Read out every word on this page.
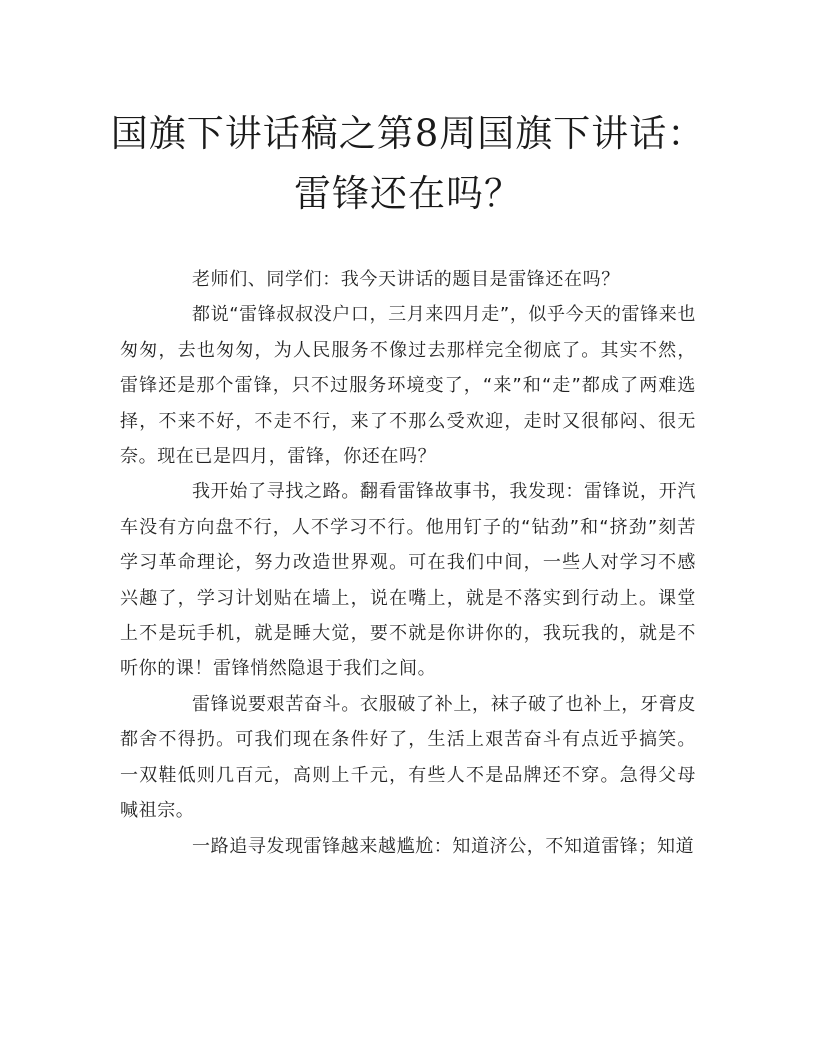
国旗下讲话稿之第8周国旗下讲话：雷锋还在吗？

老师们、同学们：我今天讲话的题目是雷锋还在吗？

都说“雷锋叔叔没户口，三月来四月走”，似乎今天的雷锋来也匆匆，去也匆匆，为人民服务不像过去那样完全彻底了。其实不然，雷锋还是那个雷锋，只不过服务环境变了，“来”和“走”都成了两难选择，不来不好，不走不行，来了不那么受欢迎，走时又很郁闷、很无奈。现在已是四月，雷锋，你还在吗？

我开始了寻找之路。翻看雷锋故事书，我发现：雷锋说，开汽车没有方向盘不行，人不学习不行。他用钉子的“钻劲”和“挤劲”刻苦学习革命理论，努力改造世界观。可在我们中间，一些人对学习不感兴趣了，学习计划贴在墙上，说在嘴上，就是不落实到行动上。课堂上不是玩手机，就是睡大觉，要不就是你讲你的，我玩我的，就是不听你的课！雷锋悄然隐退于我们之间。

雷锋说要艰苦奋斗。衣服破了补上，袜子破了也补上，牙膏皮都舍不得扔。可我们现在条件好了，生活上艰苦奋斗有点近乎搞笑。一双鞋低则几百元，高则上千元，有些人不是品牌还不穿。急得父母喊祖宗。

一路追寻发现雷锋越来越尴尬：知道济公，不知道雷锋；知道
